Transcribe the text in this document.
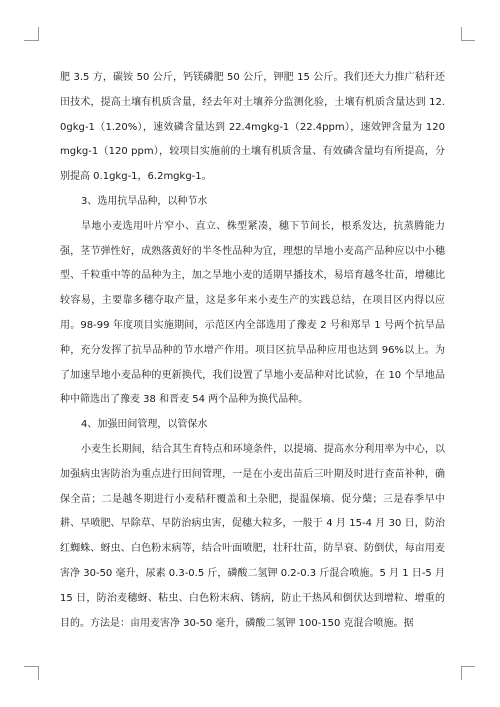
肥 3.5 方，碳铵 50 公斤，钙镁磷肥 50 公斤，钾肥 15 公斤。我们还大力推广秸秆还田技术，提高土壤有机质含量，经去年对土壤养分监测化验，土壤有机质含量达到 12.0gkg-1（1.20%），速效磷含量达到 22.4mgkg-1（22.4ppm），速效钾含量为 120mgkg-1（120 ppm），较项目实施前的土壤有机质含量、有效磷含量均有所提高，分别提高 0.1gkg-1，6.2mgkg-1。

3、选用抗旱品种，以种节水

旱地小麦选用叶片窄小、直立、株型紧凑，穗下节间长，根系发达，抗蒸腾能力强，茎节弹性好，成熟落黄好的半冬性品种为宜，理想的旱地小麦高产品种应以中小穗型、千粒重中等的品种为主，加之旱地小麦的适期早播技术，易培育越冬壮苗，增穗比较容易，主要靠多穗夺取产量，这是多年来小麦生产的实践总结，在项目区内得以应用。98-99 年度项目实施期间，示范区内全部选用了豫麦 2 号和郑旱 1 号两个抗旱品种，充分发挥了抗旱品种的节水增产作用。项目区抗旱品种应用也达到 96%以上。为了加速旱地小麦品种的更新换代，我们设置了旱地小麦品种对比试验，在 10 个旱地品种中筛选出了豫麦 38 和晋麦 54 两个品种为换代品种。

4、加强田间管理，以管保水

小麦生长期间，结合其生育特点和环境条件，以提墒、提高水分利用率为中心，以加强病虫害防治为重点进行田间管理，一是在小麦出苗后三叶期及时进行查苗补种，确保全苗；二是越冬期进行小麦秸秆覆盖和土杂肥，提温保墒、促分蘖；三是春季早中耕、早喷肥、早除草、早防治病虫害，促穗大粒多，一般于 4 月 15-4 月 30 日，防治红蜘蛛、蚜虫、白色粉末病等，结合叶面喷肥，壮秆壮苗，防旱衰、防倒伏，每亩用麦害净 30-50 毫升，尿素 0.3-0.5 斤，磷酸二氢钾 0.2-0.3 斤混合喷施。5 月 1 日-5 月 15 日，防治麦穗蚜、粘虫、白色粉末病、锈病，防止干热风和倒伏达到增粒、增重的目的。方法是：亩用麦害净 30-50 毫升，磷酸二氢钾 100-150 克混合喷施。据
